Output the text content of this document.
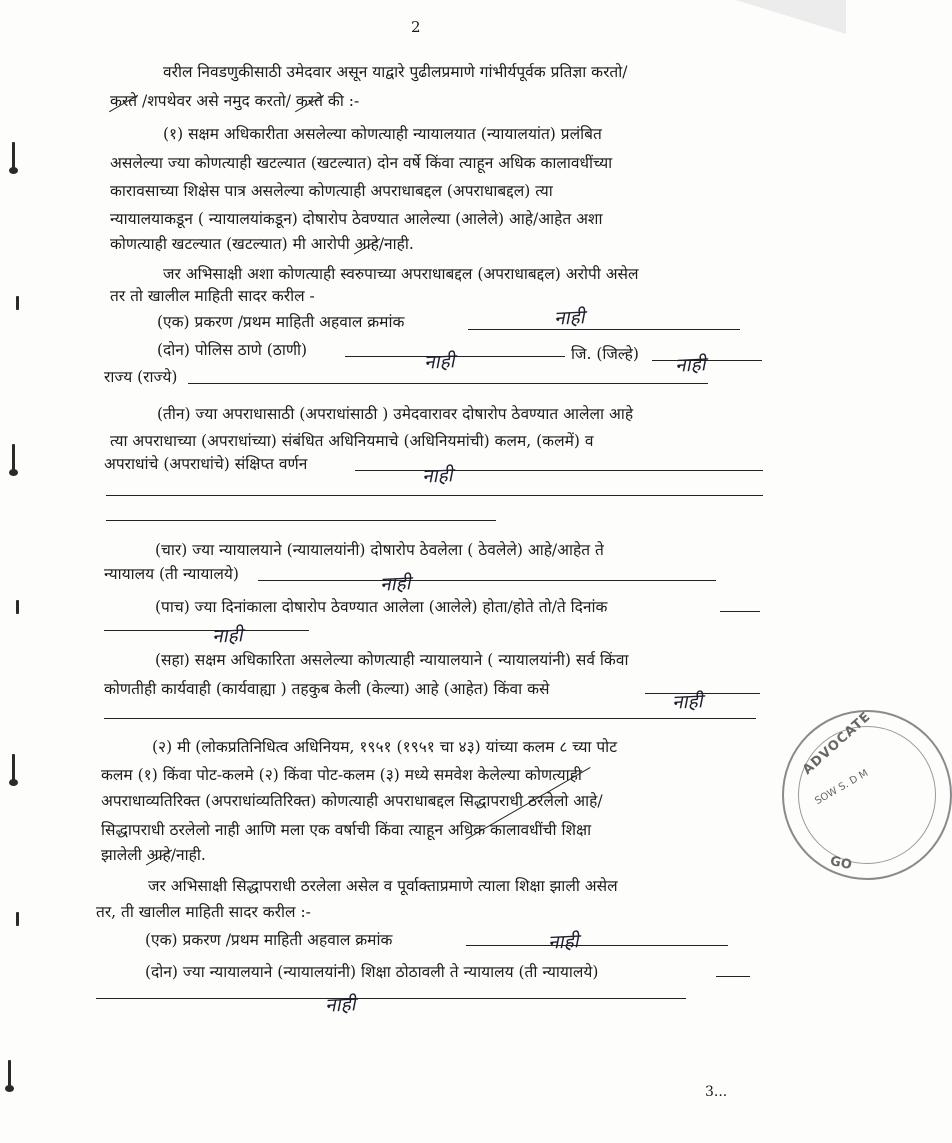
2
वरील निवडणुकीसाठी उमेदवार असून याद्वारे पुढीलप्रमाणे गांभीर्यपूर्वक प्रतिज्ञा करतो/
करते /शपथेवर असे नमुद करतो/ करते की :-
(१) सक्षम अधिकारीता असलेल्या कोणत्याही न्यायालयात (न्यायालयांत) प्रलंबित
असलेल्या ज्या कोणत्याही खटल्यात (खटल्यात) दोन वर्षे किंवा त्याहून अधिक कालावधींच्या
कारावसाच्या शिक्षेस पात्र असलेल्या कोणत्याही अपराधाबद्दल (अपराधाबद्दल) त्या
न्यायालयाकडून ( न्यायालयांकडून) दोषारोप ठेवण्यात आलेल्या (आलेले) आहे/आहेत अशा
कोणत्याही खटल्यात (खटल्यात) मी आरोपी आहे/नाही.
जर अभिसाक्षी अशा कोणत्याही स्वरुपाच्या अपराधाबद्दल (अपराधाबद्दल) अरोपी असेल
तर तो खालील माहिती सादर करील -
(एक) प्रकरण /प्रथम माहिती अहवाल क्रमांक	नाही
(दोन) पोलिस ठाणे (ठाणी)
नाही	जि. (जिल्हे) नाही
राज्य (राज्ये)
(तीन) ज्या अपराधासाठी (अपराधांसाठी ) उमेदवारावर दोषारोप ठेवण्यात आलेला आहे
त्या अपराधाच्या (अपराधांच्या) संबंधित अधिनियमाचे (अधिनियमांची) कलम, (कलमें) व
अपराधांचे (अपराधांचे) संक्षिप्त वर्णन
नाही
(चार) ज्या न्यायालयाने (न्यायालयांनी) दोषारोप ठेवलेला ( ठेवलेले) आहे/आहेत ते
न्यायालय (ती न्यायालये)	नाही
(पाच) ज्या दिनांकाला दोषारोप ठेवण्यात आलेला (आलेले) होता/होते तो/ते दिनांक
नाही
(सहा) सक्षम अधिकारिता असलेल्या कोणत्याही न्यायालयाने ( न्यायालयांनी) सर्व किंवा
कोणतीही कार्यवाही (कार्यवाह्या ) तहकुब केली (केल्या) आहे (आहेत) किंवा कसे
नाही
(२) मी (लोकप्रतिनिधित्व अधिनियम, १९५१ (१९५१ चा ४३) यांच्या कलम ८ च्या पोट
कलम (१) किंवा पोट-कलमे (२) किंवा पोट-कलम (३) मध्ये समवेश केलेल्या कोणत्याही
अपराधाव्यतिरिक्त (अपराधांव्यतिरिक्त) कोणत्याही अपराधाबद्दल सिद्धापराधी ठरलेलो आहे/
सिद्धापराधी ठरलेलो नाही आणि मला एक वर्षाची किंवा त्याहून अधिक कालावधींची शिक्षा
झालेली आहे/नाही.
जर अभिसाक्षी सिद्धापराधी ठरलेला असेल व पूर्वाक्ताप्रमाणे त्याला शिक्षा झाली असेल
तर, ती खालील माहिती सादर करील :-
(एक) प्रकरण /प्रथम माहिती अहवाल क्रमांक	नाही
(दोन) ज्या न्यायालयाने (न्यायालयांनी) शिक्षा ठोठावली ते न्यायालय (ती न्यायालये)
नाही
ADVOCATE
SOW S. D M
GO
3...
